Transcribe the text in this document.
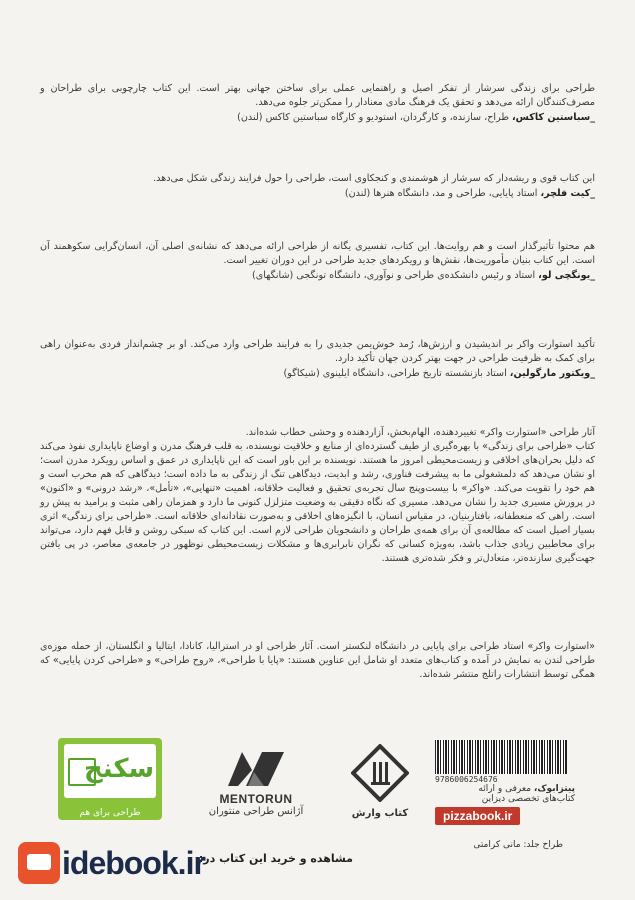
طراحی برای زندگی سرشار از تفکر اصیل و راهنمایی عملی برای ساختن جهانی بهتر است. این کتاب چارچوبی برای طراحان و مصرف‌کنندگان ارائه می‌دهد و تحقق یک فرهنگ مادی معنادار را ممکن‌تر جلوه می‌دهد.

_سباستین کاکس، طراح، سازنده، و کارگردان، استودیو و کارگاه سباستین کاکس (لندن)

این کتاب قوی و ریشه‌دار که سرشار از هوشمندی و کنجکاوی است، طراحی را حول فرایند زندگی شکل می‌دهد.

_کیت فلچر، استاد پایایی، طراحی و مد، دانشگاه هنرها (لندن)

هم محتوا تأثیرگذار است و هم روایت‌ها. این کتاب، تفسیری یگانه از طراحی ارائه می‌دهد که نشانه‌ی اصلی آن، انسان‌گرایی سکوهمند آن است. این کتاب بنیان مأموریت‌ها، نقش‌ها و رویکردهای جدید طراحی در این دوران تغییر است.

_یونگچی لو، استاد و رئیس دانشکده‌ی طراحی و نوآوری، دانشگاه تونگجی (شانگهای)

تأکید استوارت واکر بر اندیشیدن و ارزش‌ها، رُمد خوش‌یمن جدیدی را به فرایند طراحی وارد می‌کند. او بر چشم‌انداز فردی به‌عنوان راهی برای کمک به ظرفیت طراحی در جهت بهتر کردن جهان تأکید دارد.

_ویکتور مارگولین، استاد بازنشسته تاریخ طراحی، دانشگاه ایلینوی (شیکاگو)

آثار طراحی «استوارت واکر» تغییردهنده، الهام‌بخش، آزاردهنده و وحشی خطاب شده‌اند.

کتاب «طراحی برای زندگی» با بهره‌گیری از طیف گسترده‌ای از منابع و خلاقیت نویسنده، به قلب فرهنگ مدرن و اوضاع ناپایداری نفوذ می‌کند که دلیل بحران‌های اخلاقی و زیست‌محیطی امروز ما هستند. نویسنده بر این باور است که این ناپایداری در عمق و اساس رویکرد مدرن است؛ او نشان می‌دهد که دلمشغولی ما به پیشرفت فناوری، رشد و ابدیت، دیدگاهی تنگ از زندگی به ما داده است؛ دیدگاهی که هم مخرب است و هم خود را تقویت می‌کند. «واکر» با بیست‌وپنج سال تجربه‌ی تحقیق و فعالیت خلاقانه، اهمیت «تنهایی»، «تأمل»، «رشد درونی» و «اکنون» در پرورش مسیری جدید را نشان می‌دهد. مسیری که نگاه دقیقی به وضعیت متزلزل کنونی ما دارد و همزمان راهی مثبت و برامید به پیش رو است. راهی که منعطفانه، بافتاربنیان، در مقیاس انسان، با انگیزه‌های اخلاقی و به‌صورت نقادانه‌ای خلاقانه است. «طراحی برای زندگی» اثری بسیار اصیل است که مطالعه‌ی آن برای همه‌ی طراحان و دانشجویان طراحی لازم است. این کتاب که سبکی روشن و قابل فهم دارد، می‌تواند برای مخاطبین زیادی جذاب باشد، به‌ویژه کسانی که نگران نابرابری‌ها و مشکلات زیست‌محیطی نوظهور در جامعه‌ی معاصر، در پی یافتن جهت‌گیری سازنده‌تر، متعادل‌تر و فکر شده‌تری هستند.

«استوارت واکر» استاد طراحی برای پایایی در دانشگاه لنکستر است. آثار طراحی او در استرالیا، کانادا، ایتالیا و انگلستان، از حمله موزه‌ی طراحی لندن به نمایش در آمده و کتاب‌های متعدد او شامل این عناوین هستند: «پایا با طراحی»، «روح طراحی» و «طراحی کردن پایایی» که همگی توسط انتشارات راتلج منتشر شده‌اند.

سکنج
طراحی برای هم
MENTORUN
آژانس طراحی منتوران	کتاب وارش
9786006254676
پیتزابوک، معرفی و ارائه
کتاب‌های تخصصی دیزاین
pizzabook.ir
طراح جلد: مانی کرامتی
مشاهده و خرید این کتاب در:
idebook.ir
